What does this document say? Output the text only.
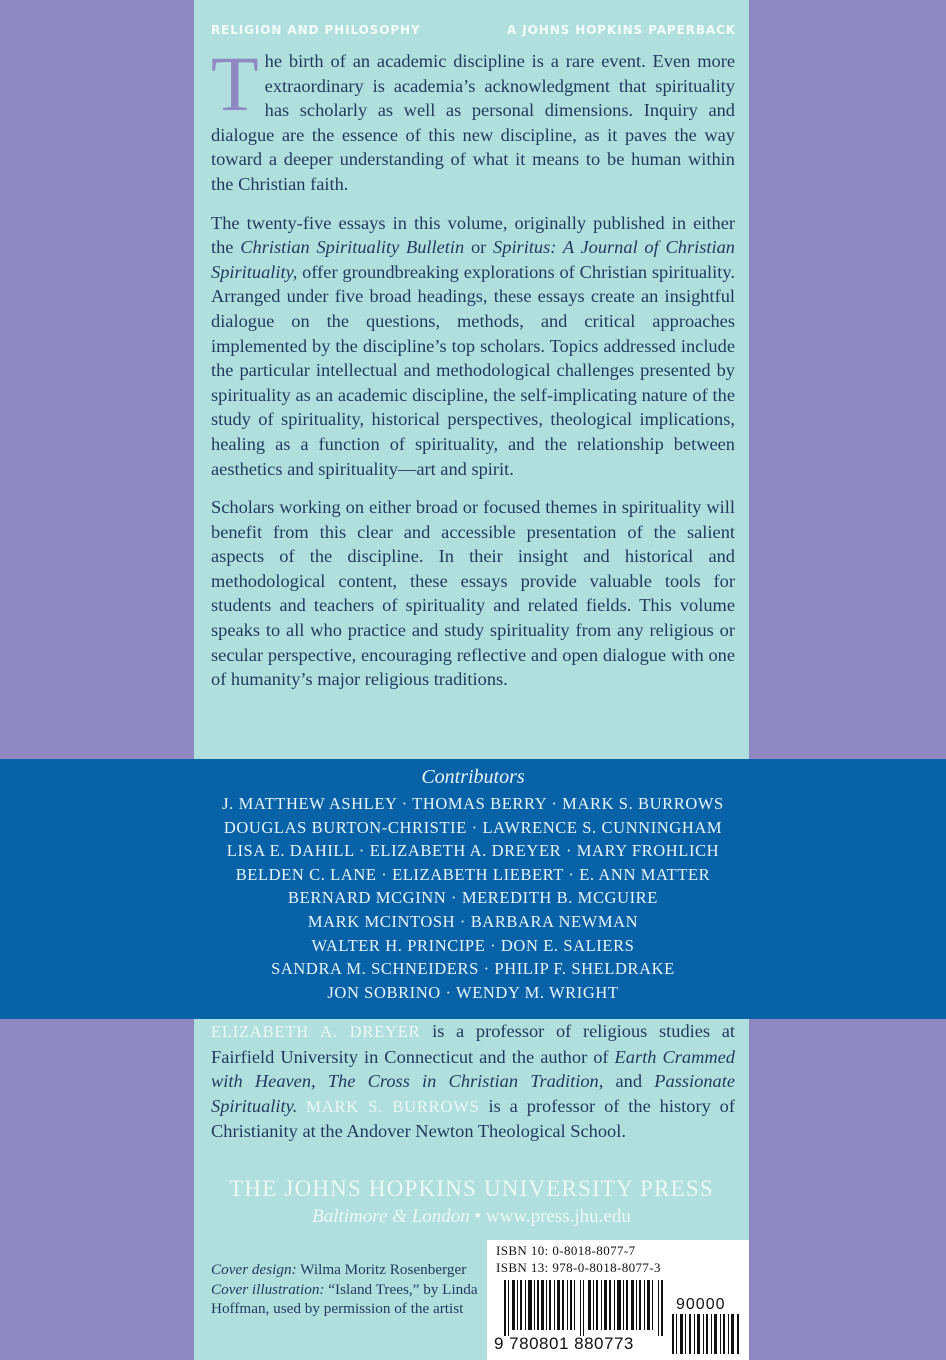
RELIGION AND PHILOSOPHY	A JOHNS HOPKINS PAPERBACK

The birth of an academic discipline is a rare event. Even more extraordinary is academia’s acknowledgment that spirituality has scholarly as well as personal dimensions. Inquiry and dialogue are the essence of this new discipline, as it paves the way toward a deeper understanding of what it means to be human within the Christian faith.

The twenty-five essays in this volume, originally published in either the Christian Spirituality Bulletin or Spiritus: A Journal of Christian Spirituality, offer groundbreaking explorations of Christian spirituality. Arranged under five broad headings, these essays create an insightful dialogue on the questions, methods, and critical approaches implemented by the discipline’s top scholars. Topics addressed include the particular intellectual and methodological challenges presented by spirituality as an academic discipline, the self-implicating nature of the study of spirituality, historical perspectives, theological implications, healing as a function of spirituality, and the relationship between aesthetics and spirituality—art and spirit.

Scholars working on either broad or focused themes in spirituality will benefit from this clear and accessible presentation of the salient aspects of the discipline. In their insight and historical and methodological content, these essays provide valuable tools for students and teachers of spirituality and related fields. This volume speaks to all who practice and study spirituality from any religious or secular perspective, encouraging reflective and open dialogue with one of humanity’s major religious traditions.

Contributors
J. MATTHEW ASHLEY · THOMAS BERRY · MARK S. BURROWS
DOUGLAS BURTON-CHRISTIE · LAWRENCE S. CUNNINGHAM
LISA E. DAHILL · ELIZABETH A. DREYER · MARY FROHLICH
BELDEN C. LANE · ELIZABETH LIEBERT · E. ANN MATTER
BERNARD MCGINN · MEREDITH B. MCGUIRE
MARK MCINTOSH · BARBARA NEWMAN
WALTER H. PRINCIPE · DON E. SALIERS
SANDRA M. SCHNEIDERS · PHILIP F. SHELDRAKE
JON SOBRINO · WENDY M. WRIGHT
ELIZABETH A. DREYER is a professor of religious studies at Fairfield University in Connecticut and the author of Earth Crammed with Heaven, The Cross in Christian Tradition, and Passionate Spirituality. MARK S. BURROWS is a professor of the history of Christianity at the Andover Newton Theological School.
THE JOHNS HOPKINS UNIVERSITY PRESS
Baltimore & London • www.press.jhu.edu
Cover design: Wilma Moritz Rosenberger
Cover illustration: “Island Trees,” by Linda Hoffman, used by permission of the artist
ISBN 10: 0-8018-8077-7
ISBN 13: 978-0-8018-8077-3
90000
9 780801 880773
